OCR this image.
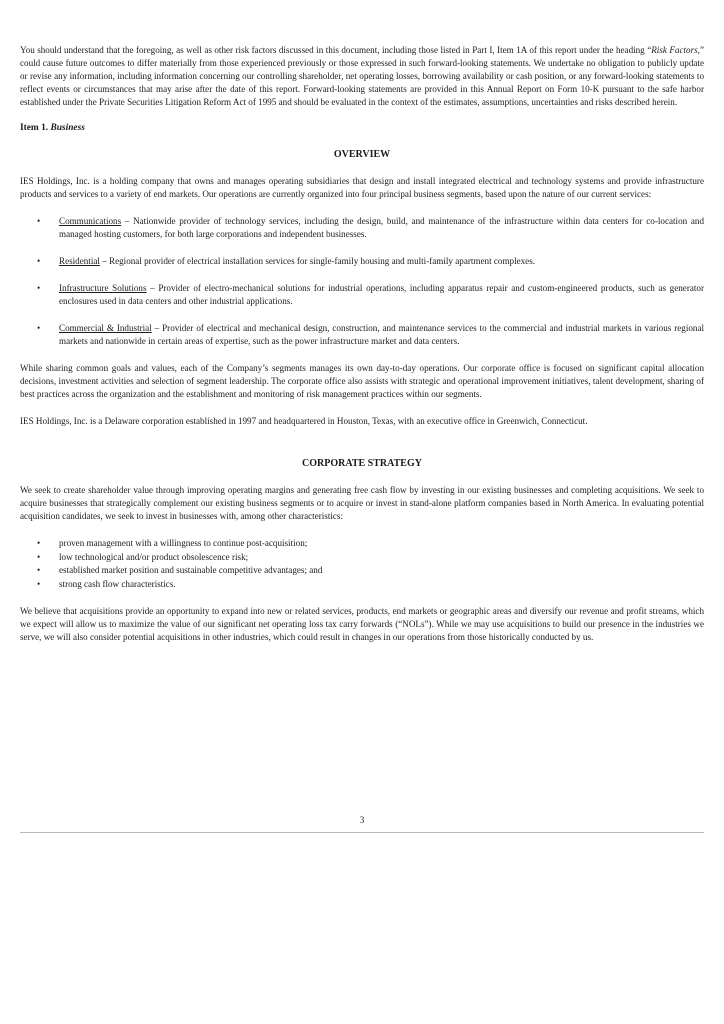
You should understand that the foregoing, as well as other risk factors discussed in this document, including those listed in Part I, Item 1A of this report under the heading “Risk Factors,” could cause future outcomes to differ materially from those experienced previously or those expressed in such forward-looking statements. We undertake no obligation to publicly update or revise any information, including information concerning our controlling shareholder, net operating losses, borrowing availability or cash position, or any forward-looking statements to reflect events or circumstances that may arise after the date of this report. Forward-looking statements are provided in this Annual Report on Form 10-K pursuant to the safe harbor established under the Private Securities Litigation Reform Act of 1995 and should be evaluated in the context of the estimates, assumptions, uncertainties and risks described herein.

Item 1. Business
OVERVIEW

IES Holdings, Inc. is a holding company that owns and manages operating subsidiaries that design and install integrated electrical and technology systems and provide infrastructure products and services to a variety of end markets. Our operations are currently organized into four principal business segments, based upon the nature of our current services:

• Communications – Nationwide provider of technology services, including the design, build, and maintenance of the infrastructure within data centers for co-location and managed hosting customers, for both large corporations and independent businesses.
• Residential – Regional provider of electrical installation services for single-family housing and multi-family apartment complexes.
• Infrastructure Solutions – Provider of electro-mechanical solutions for industrial operations, including apparatus repair and custom-engineered products, such as generator enclosures used in data centers and other industrial applications.
• Commercial & Industrial – Provider of electrical and mechanical design, construction, and maintenance services to the commercial and industrial markets in various regional markets and nationwide in certain areas of expertise, such as the power infrastructure market and data centers.

While sharing common goals and values, each of the Company’s segments manages its own day-to-day operations. Our corporate office is focused on significant capital allocation decisions, investment activities and selection of segment leadership. The corporate office also assists with strategic and operational improvement initiatives, talent development, sharing of best practices across the organization and the establishment and monitoring of risk management practices within our segments.

IES Holdings, Inc. is a Delaware corporation established in 1997 and headquartered in Houston, Texas, with an executive office in Greenwich, Connecticut.

CORPORATE STRATEGY

We seek to create shareholder value through improving operating margins and generating free cash flow by investing in our existing businesses and completing acquisitions. We seek to acquire businesses that strategically complement our existing business segments or to acquire or invest in stand-alone platform companies based in North America. In evaluating potential acquisition candidates, we seek to invest in businesses with, among other characteristics:

• proven management with a willingness to continue post-acquisition;
• low technological and/or product obsolescence risk;
• established market position and sustainable competitive advantages; and
• strong cash flow characteristics.

We believe that acquisitions provide an opportunity to expand into new or related services, products, end markets or geographic areas and diversify our revenue and profit streams, which we expect will allow us to maximize the value of our significant net operating loss tax carry forwards (“NOLs”). While we may use acquisitions to build our presence in the industries we serve, we will also consider potential acquisitions in other industries, which could result in changes in our operations from those historically conducted by us.

3
